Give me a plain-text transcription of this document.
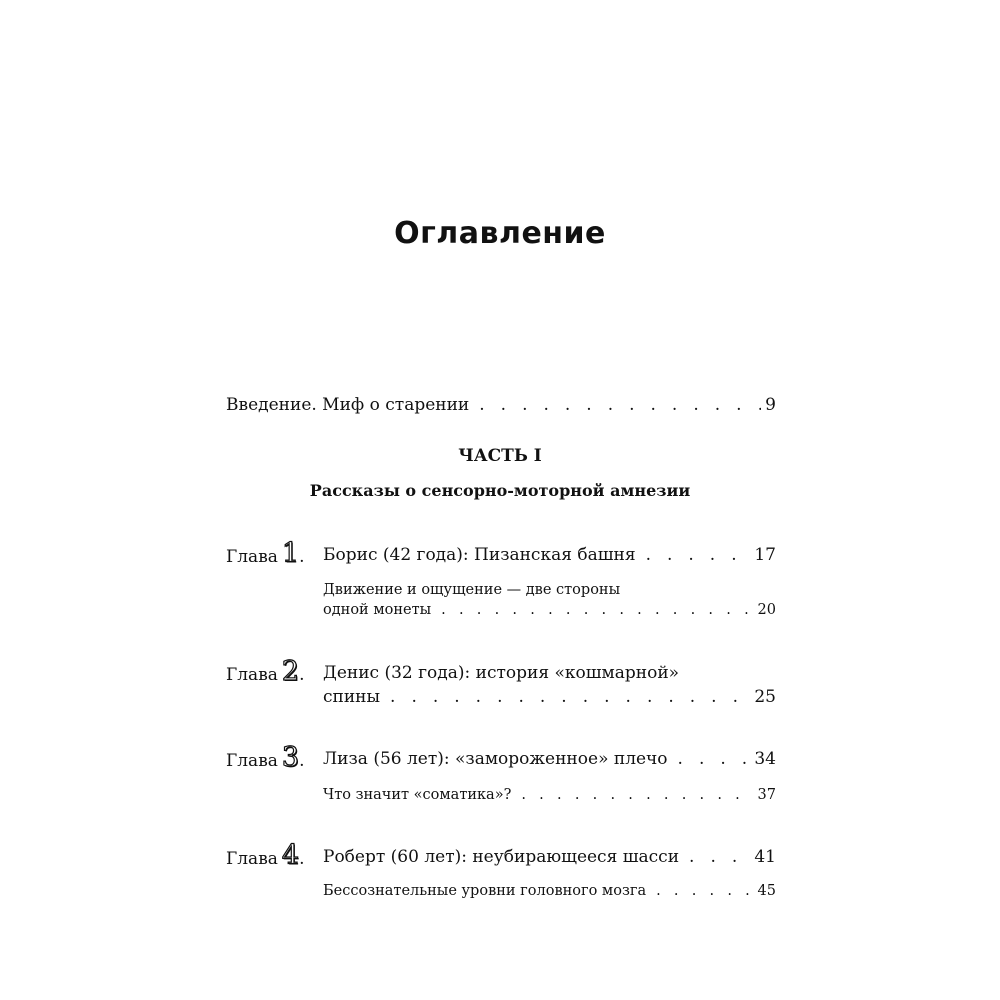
Оглавление
Введение. Миф о старении . . .	9
ЧАСТЬ I
Рассказы о сенсорно-моторной амнезии
Глава 1. Борис (42 года): Пизанская башня . . .	17
Движение и ощущение — две стороны
одной монеты . . .	20
Глава 2. Денис (32 года): история «кошмарной»
спины . . .	25
Глава 3. Лиза (56 лет): «замороженное» плечо . . .	34
Что значит «соматика»? . . .	37
Глава 4. Роберт (60 лет): неубирающееся шасси . . .	41
Бессознательные уровни головного мозга . . .	45
